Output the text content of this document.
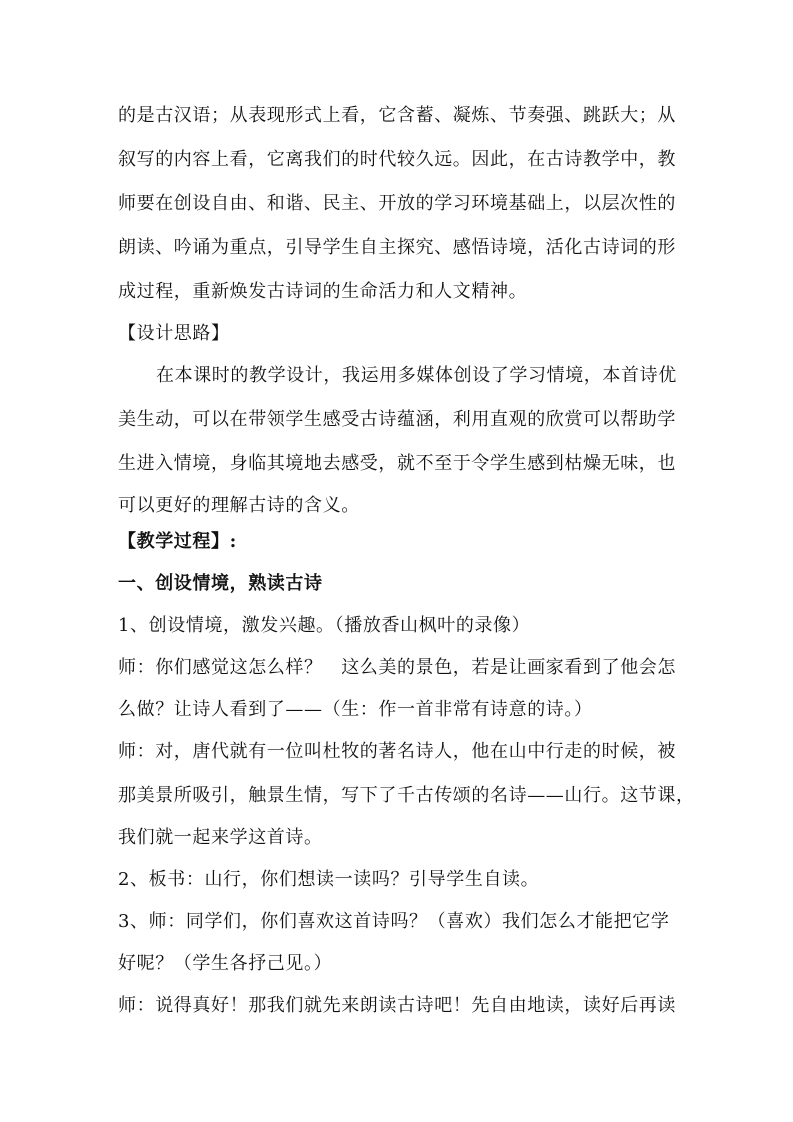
的是古汉语；从表现形式上看，它含蓄、凝炼、节奏强、跳跃大；从
叙写的内容上看，它离我们的时代较久远。因此，在古诗教学中，教
师要在创设自由、和谐、民主、开放的学习环境基础上，以层次性的
朗读、吟诵为重点，引导学生自主探究、感悟诗境，活化古诗词的形
成过程，重新焕发古诗词的生命活力和人文精神。
【设计思路】
在本课时的教学设计，我运用多媒体创设了学习情境，本首诗优
美生动，可以在带领学生感受古诗蕴涵，利用直观的欣赏可以帮助学
生进入情境，身临其境地去感受，就不至于令学生感到枯燥无味，也
可以更好的理解古诗的含义。
【教学过程】:
一、创设情境，熟读古诗
1、创设情境，激发兴趣。（播放香山枫叶的录像）
师：你们感觉这怎么样？　这么美的景色，若是让画家看到了他会怎
么做？让诗人看到了——（生：作一首非常有诗意的诗。）
师：对，唐代就有一位叫杜牧的著名诗人，他在山中行走的时候，被
那美景所吸引，触景生情，写下了千古传颂的名诗——山行。这节课，
我们就一起来学这首诗。
2、板书：山行，你们想读一读吗？引导学生自读。
3、师：同学们，你们喜欢这首诗吗？（喜欢）我们怎么才能把它学
好呢？（学生各抒己见。）
师：说得真好！那我们就先来朗读古诗吧！先自由地读，读好后再读
